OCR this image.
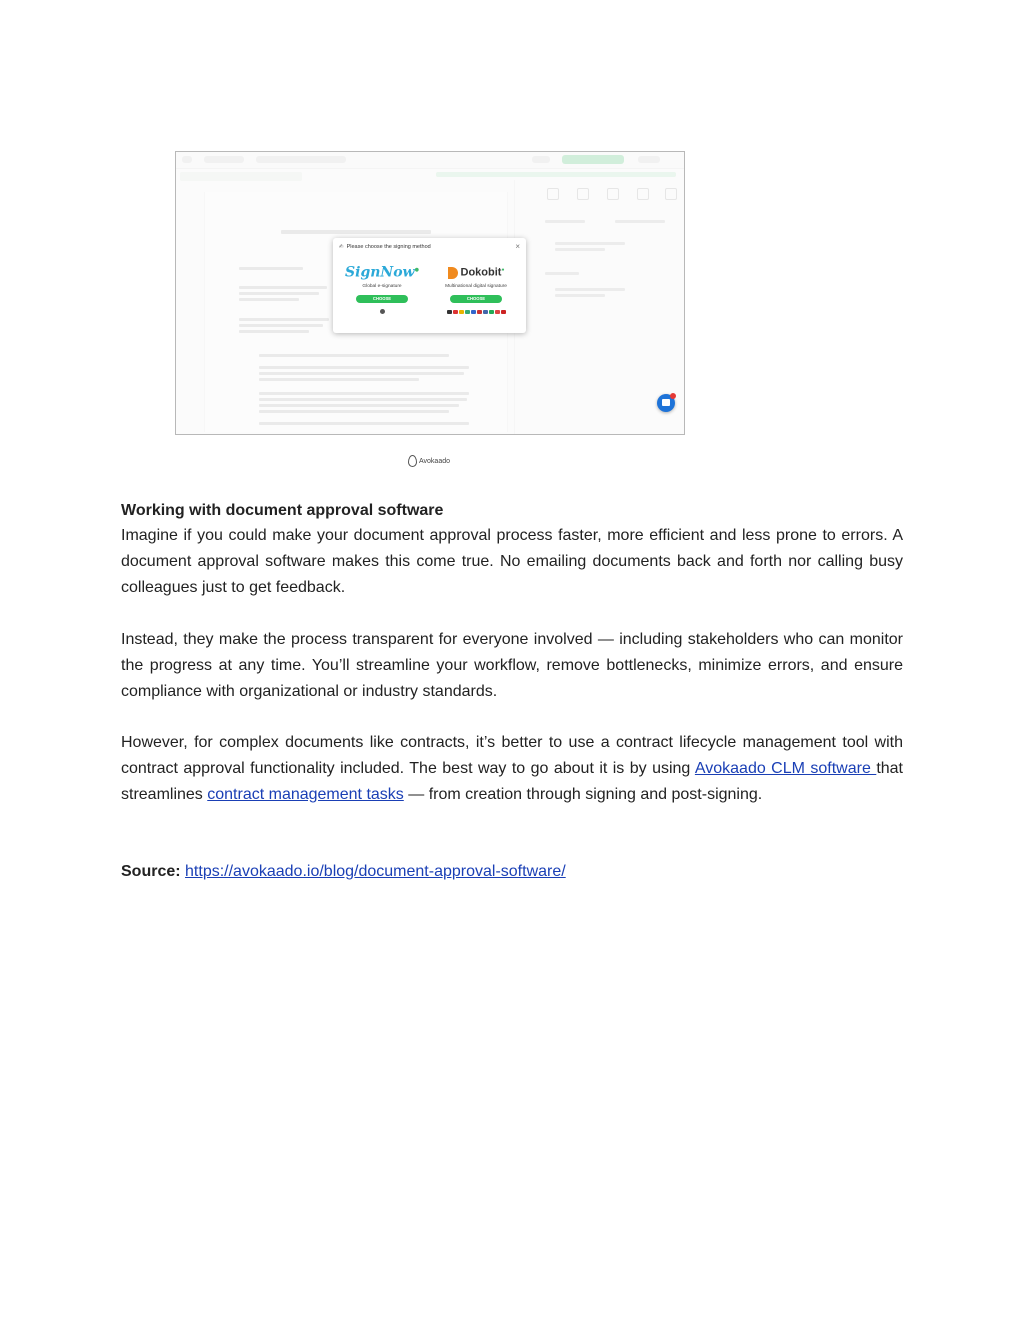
✍ Please choose the signing method	×
SignNow●
Global e-signature
CHOOSE
Dokobit●
Multinational digital signature
CHOOSE
Avokaado
Working with document approval software

Imagine if you could make your document approval process faster, more efficient and less prone to errors. A document approval software makes this come true. No emailing documents back and forth nor calling busy colleagues just to get feedback.

Instead, they make the process transparent for everyone involved — including stakeholders who can monitor the progress at any time. You’ll streamline your workflow, remove bottlenecks, minimize errors, and ensure compliance with organizational or industry standards.

However, for complex documents like contracts, it’s better to use a contract lifecycle management tool with contract approval functionality included. The best way to go about it is by using Avokaado CLM software that streamlines contract management tasks — from creation through signing and post-signing.

Source: https://avokaado.io/blog/document-approval-software/
